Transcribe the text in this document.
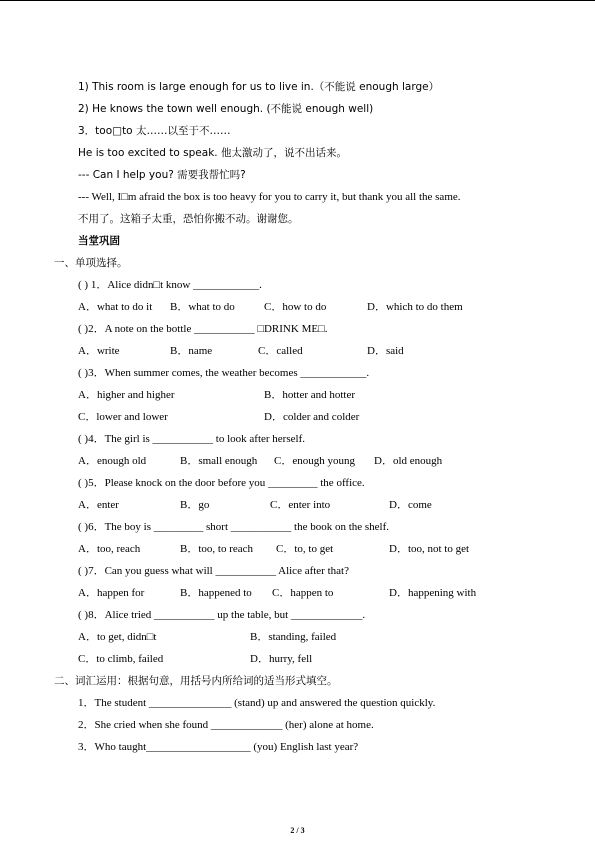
1) This room is large enough for us to live in.（不能说 enough large）
2) He knows the town well enough. (不能说 enough well)
3．too□to 太……以至于不……
He is too excited to speak. 他太激动了，说不出话来。
--- Can I help you? 需要我帮忙吗?
--- Well, I□m afraid the box is too heavy for you to carry it, but thank you all the same.
不用了。这箱子太重，恐怕你搬不动。谢谢您。
当堂巩固
一、单项选择。
( ) 1．Alice didn□t know ____________.
A．what to do it B．what to do	C．how to do	D．which to do them
( )2．A note on the bottle ___________ □DRINK ME□.
A．write	B．name	C．called	D．said
( )3．When summer comes, the weather becomes ____________.
A．higher and higher	B．hotter and hotter
C．lower and lower	D．colder and colder
( )4．The girl is ___________ to look after herself.
A．enough old	B．small enough C．enough young D．old enough
( )5．Please knock on the door before you _________ the office.
A．enter	B．go	C．enter into	D．come
( )6．The boy is _________ short ___________ the book on the shelf.
A．too, reach	B．too, to reach C．to, to get	D．too, not to get
( )7．Can you guess what will ___________ Alice after that?
A．happen for	B．happened to C．happen to	D．happening with
( )8．Alice tried ___________ up the table, but _____________.
A．to get, didn□t	B．standing, failed
C．to climb, failed	D．hurry, fell
二、词汇运用：根据句意，用括号内所给词的适当形式填空。
1．The student _______________ (stand) up and answered the question quickly.
2．She cried when she found _____________ (her) alone at home.
3．Who taught___________________ (you) English last year?
2 / 3
